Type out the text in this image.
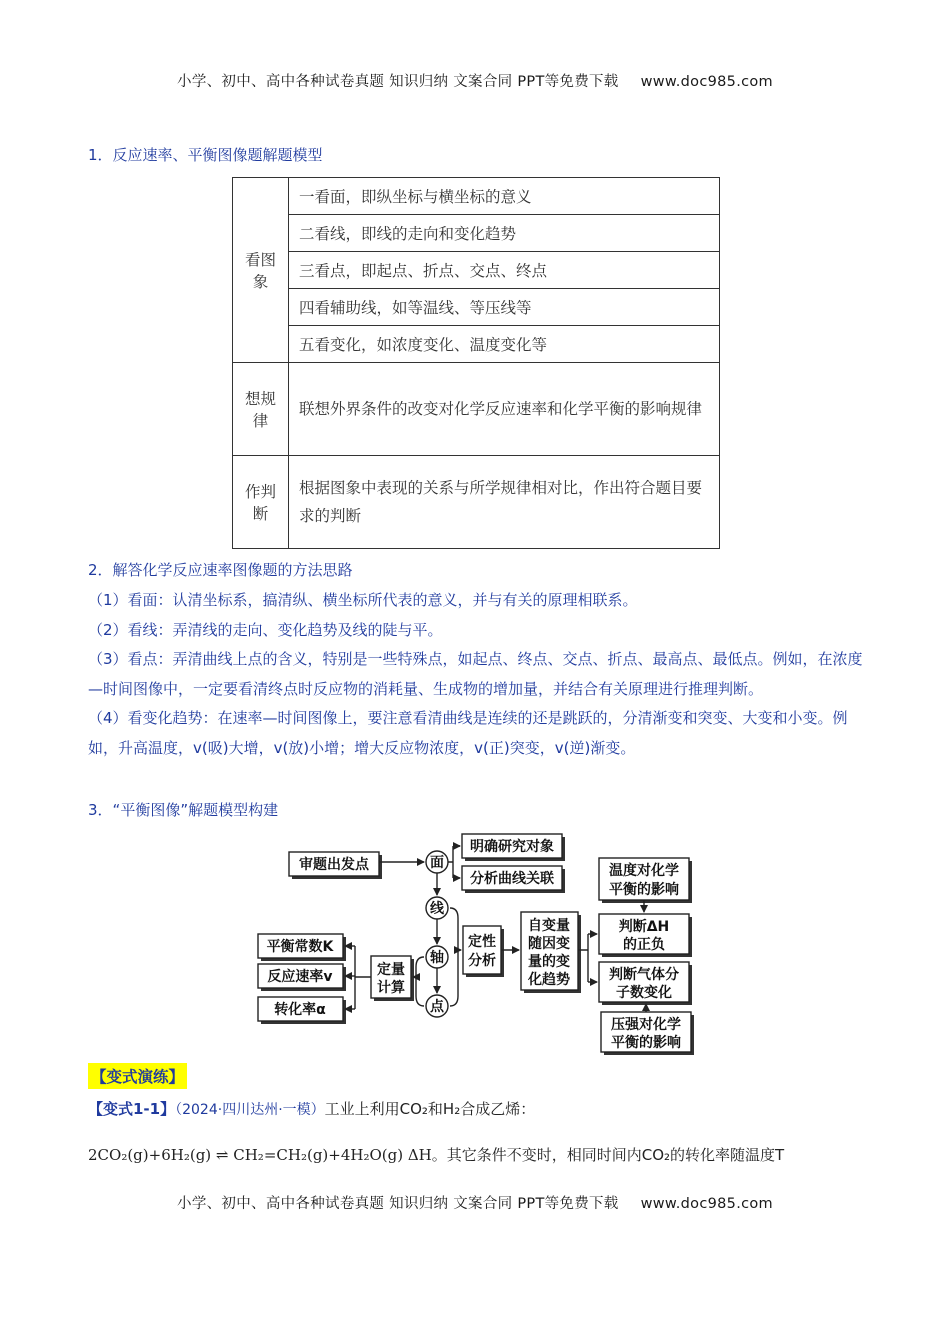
小学、初中、高中各种试卷真题 知识归纳 文案合同 PPT等免费下载 www.doc985.com
1．反应速率、平衡图像题解题模型
看图象	一看面，即纵坐标与横坐标的意义
	二看线，即线的走向和变化趋势
	三看点，即起点、折点、交点、终点
	四看辅助线，如等温线、等压线等
	五看变化，如浓度变化、温度变化等
想规律	联想外界条件的改变对化学反应速率和化学平衡的影响规律
作判断	根据图象中表现的关系与所学规律相对比，作出符合题目要求的判断
2．解答化学反应速率图像题的方法思路

（1）看面：认清坐标系，搞清纵、横坐标所代表的意义，并与有关的原理相联系。

（2）看线：弄清线的走向、变化趋势及线的陡与平。

（3）看点：弄清曲线上点的含义，特别是一些特殊点，如起点、终点、交点、折点、最高点、最低点。例如，在浓度—时间图像中，一定要看清终点时反应物的消耗量、生成物的增加量，并结合有关原理进行推理判断。

（4）看变化趋势：在速率—时间图像上，要注意看清曲线是连续的还是跳跃的，分清渐变和突变、大变和小变。例如，升高温度，v(吸)大增，v(放)小增；增大反应物浓度，v(正)突变，v(逆)渐变。

3．“平衡图像”解题模型构建
审题出发点
明确研究对象
分析曲线关联
面
线
轴
点
定性
分析
定量
计算
自变量
随因变
量的变
化趋势
平衡常数K
反应速率v
转化率α
温度对化学
平衡的影响
判断ΔH
的正负
判断气体分
子数变化
压强对化学
平衡的影响
【变式演练】
【变式1-1】（2024·四川达州·一模）工业上利用CO₂和H₂合成乙烯：
2CO₂(g)+6H₂(g) ⇌ CH₂=CH₂(g)+4H₂O(g) ΔH。其它条件不变时，相同时间内CO₂的转化率随温度T
小学、初中、高中各种试卷真题 知识归纳 文案合同 PPT等免费下载 www.doc985.com
